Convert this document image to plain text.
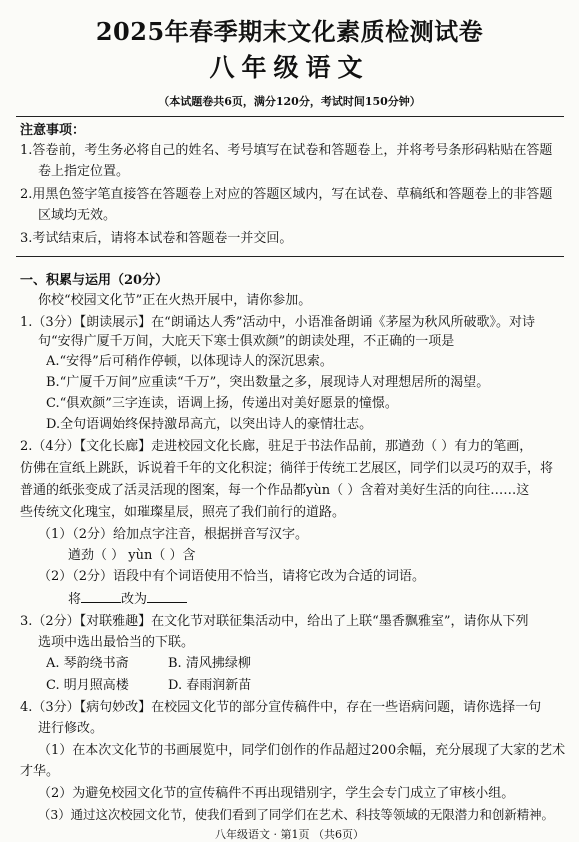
2025年春季期末文化素质检测试卷
八年级语文
（本试题卷共6页，满分120分，考试时间150分钟）
注意事项：
1.答卷前，考生务必将自己的姓名、考号填写在试卷和答题卷上，并将考号条形码粘贴在答题
卷上指定位置。
2.用黑色签字笔直接答在答题卷上对应的答题区域内，写在试卷、草稿纸和答题卷上的非答题
区域均无效。
3.考试结束后，请将本试卷和答题卷一并交回。
一、积累与运用（20分）
你校“校园文化节”正在火热开展中，请你参加。
1.（3分）【朗读展示】在“朗诵达人秀”活动中，小语准备朗诵《茅屋为秋风所破歌》。对诗
句“安得广厦千万间，大庇天下寒士俱欢颜”的朗读处理，不正确的一项是
A.“安得”后可稍作停顿，以体现诗人的深沉思索。
B.“广厦千万间”应重读“千万”，突出数量之多，展现诗人对理想居所的渴望。
C.“俱欢颜”三字连读，语调上扬，传递出对美好愿景的憧憬。
D.全句语调始终保持激昂高亢，以突出诗人的豪情壮志。
2.（4分）【文化长廊】走进校园文化长廊，驻足于书法作品前，那遒劲（ ）有力的笔画，
仿佛在宣纸上跳跃，诉说着千年的文化积淀；徜徉于传统工艺展区，同学们以灵巧的双手，将
普通的纸张变成了活灵活现的图案，每一个作品都yùn（ ）含着对美好生活的向往……这
些传统文化瑰宝，如璀璨星辰，照亮了我们前行的道路。
（1）（2分）给加点字注音，根据拼音写汉字。
遒劲（ ） yùn（ ）含
（2）（2分）语段中有个词语使用不恰当，请将它改为合适的词语。
将	改为
3.（2分）【对联雅趣】在文化节对联征集活动中，给出了上联“墨香飘雅室”，请你从下列
选项中选出最恰当的下联。
A. 琴韵绕书斋	B. 清风拂绿柳
C. 明月照高楼	D. 春雨润新苗
4.（3分）【病句妙改】在校园文化节的部分宣传稿件中，存在一些语病问题，请你选择一句
进行修改。
（1）在本次文化节的书画展览中，同学们创作的作品超过200余幅，充分展现了大家的艺术
才华。
（2）为避免校园文化节的宣传稿件不再出现错别字，学生会专门成立了审核小组。
（3）通过这次校园文化节，使我们看到了同学们在艺术、科技等领域的无限潜力和创新精神。
八年级语文 · 第1页 （共6页）
